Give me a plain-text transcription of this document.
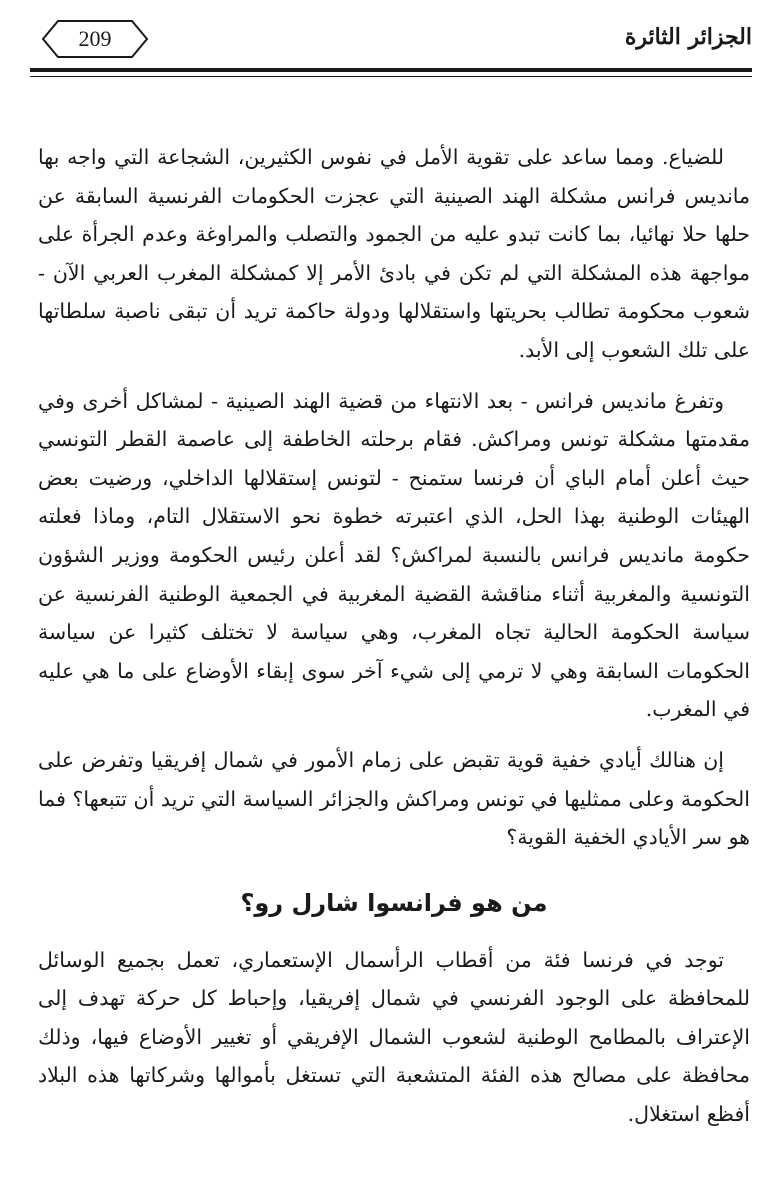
الجزائر الثائرة
209

للضياع. ومما ساعد على تقوية الأمل في نفوس الكثيرين، الشجاعة التي واجه بها مانديس فرانس مشكلة الهند الصينية التي عجزت الحكومات الفرنسية السابقة عن حلها حلا نهائيا، بما كانت تبدو عليه من الجمود والتصلب والمراوغة وعدم الجرأة على مواجهة هذه المشكلة التي لم تكن في بادئ الأمر إلا كمشكلة المغرب العربي الآن - شعوب محكومة تطالب بحريتها واستقلالها ودولة حاكمة تريد أن تبقى ناصبة سلطاتها على تلك الشعوب إلى الأبد.

وتفرغ مانديس فرانس - بعد الانتهاء من قضية الهند الصينية - لمشاكل أخرى وفي مقدمتها مشكلة تونس ومراكش. فقام برحلته الخاطفة إلى عاصمة القطر التونسي حيث أعلن أمام الباي أن فرنسا ستمنح - لتونس إستقلالها الداخلي، ورضيت بعض الهيئات الوطنية بهذا الحل، الذي اعتبرته خطوة نحو الاستقلال التام، وماذا فعلته حكومة مانديس فرانس بالنسبة لمراكش؟ لقد أعلن رئيس الحكومة ووزير الشؤون التونسية والمغربية أثناء مناقشة القضية المغربية في الجمعية الوطنية الفرنسية عن سياسة الحكومة الحالية تجاه المغرب، وهي سياسة لا تختلف كثيرا عن سياسة الحكومات السابقة وهي لا ترمي إلى شيء آخر سوى إبقاء الأوضاع على ما هي عليه في المغرب.

إن هنالك أيادي خفية قوية تقبض على زمام الأمور في شمال إفريقيا وتفرض على الحكومة وعلى ممثليها في تونس ومراكش والجزائر السياسة التي تريد أن تتبعها؟ فما هو سر الأيادي الخفية القوية؟

من هو فرانسوا شارل رو؟

توجد في فرنسا فئة من أقطاب الرأسمال الإستعماري، تعمل بجميع الوسائل للمحافظة على الوجود الفرنسي في شمال إفريقيا، وإحباط كل حركة تهدف إلى الإعتراف بالمطامح الوطنية لشعوب الشمال الإفريقي أو تغيير الأوضاع فيها، وذلك محافظة على مصالح هذه الفئة المتشعبة التي تستغل بأموالها وشركاتها هذه البلاد أفظع استغلال.
